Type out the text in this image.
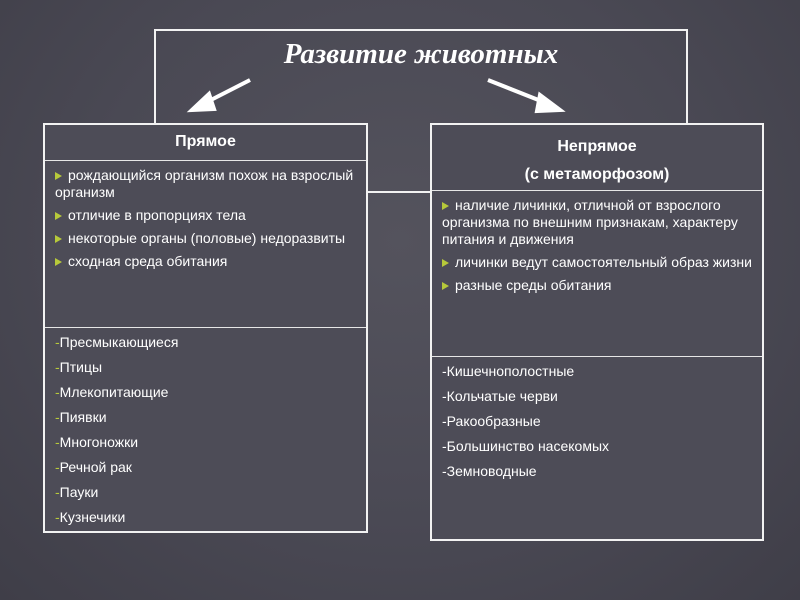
Развитие животных
Прямое
рождающийся организм похож на взрослый организм
отличие в пропорциях тела
некоторые органы (половые) недоразвиты
сходная среда обитания
-Пресмыкающиеся
-Птицы
-Млекопитающие
-Пиявки
-Многоножки
-Речной рак
-Пауки
-Кузнечики
Непрямое
(с метаморфозом)
наличие личинки, отличной от взрослого организма по внешним признакам, характеру питания и движения
личинки ведут самостоятельный образ жизни
разные среды обитания
-Кишечнополостные
-Кольчатые черви
-Ракообразные
-Большинство насекомых
-Земноводные
